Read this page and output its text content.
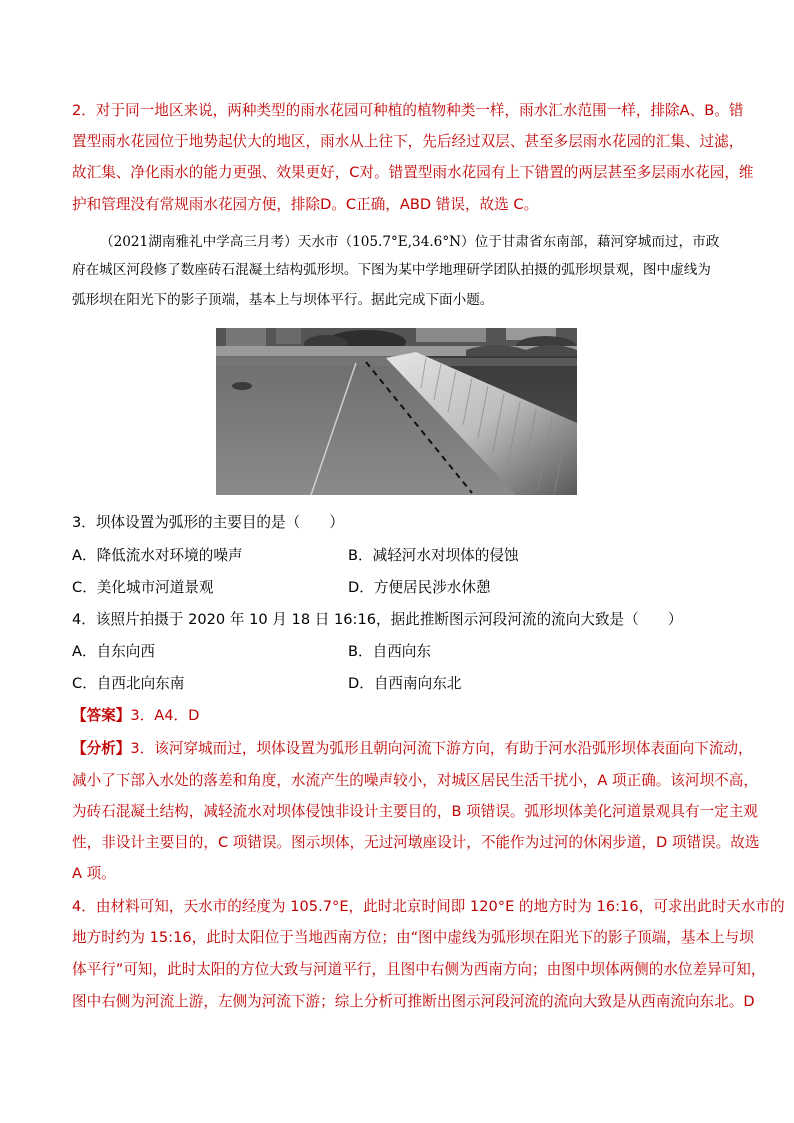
2．对于同一地区来说，两种类型的雨水花园可种植的植物种类一样，雨水汇水范围一样，排除A、B。错
置型雨水花园位于地势起伏大的地区，雨水从上往下，先后经过双层、甚至多层雨水花园的汇集、过滤，
故汇集、净化雨水的能力更强、效果更好，C对。错置型雨水花园有上下错置的两层甚至多层雨水花园，维
护和管理没有常规雨水花园方便，排除D。C正确，ABD 错误，故选 C。
（2021湖南雅礼中学高三月考）天水市（105.7°E,34.6°N）位于甘肃省东南部，藉河穿城而过，市政
府在城区河段修了数座砖石混凝土结构弧形坝。下图为某中学地理研学团队拍摄的弧形坝景观，图中虚线为
弧形坝在阳光下的影子顶端，基本上与坝体平行。据此完成下面小题。
3．坝体设置为弧形的主要目的是（　　）
A．降低流水对环境的噪声	B．减轻河水对坝体的侵蚀
C．美化城市河道景观	D．方便居民涉水休憩
4．该照片拍摄于 2020 年 10 月 18 日 16:16，据此推断图示河段河流的流向大致是（　　）
A．自东向西	B．自西向东
C．自西北向东南	D．自西南向东北
【答案】3．A4．D
【分析】3．该河穿城而过，坝体设置为弧形且朝向河流下游方向，有助于河水沿弧形坝体表面向下流动，
减小了下部入水处的落差和角度，水流产生的噪声较小，对城区居民生活干扰小，A 项正确。该河坝不高，
为砖石混凝土结构，减轻流水对坝体侵蚀非设计主要目的，B 项错误。弧形坝体美化河道景观具有一定主观
性，非设计主要目的，C 项错误。图示坝体，无过河墩座设计，不能作为过河的休闲步道，D 项错误。故选
A 项。
4．由材料可知，天水市的经度为 105.7°E，此时北京时间即 120°E 的地方时为 16:16，可求出此时天水市的
地方时约为 15:16，此时太阳位于当地西南方位；由“图中虚线为弧形坝在阳光下的影子顶端，基本上与坝
体平行”可知，此时太阳的方位大致与河道平行，且图中右侧为西南方向；由图中坝体两侧的水位差异可知，
图中右侧为河流上游，左侧为河流下游；综上分析可推断出图示河段河流的流向大致是从西南流向东北。D
